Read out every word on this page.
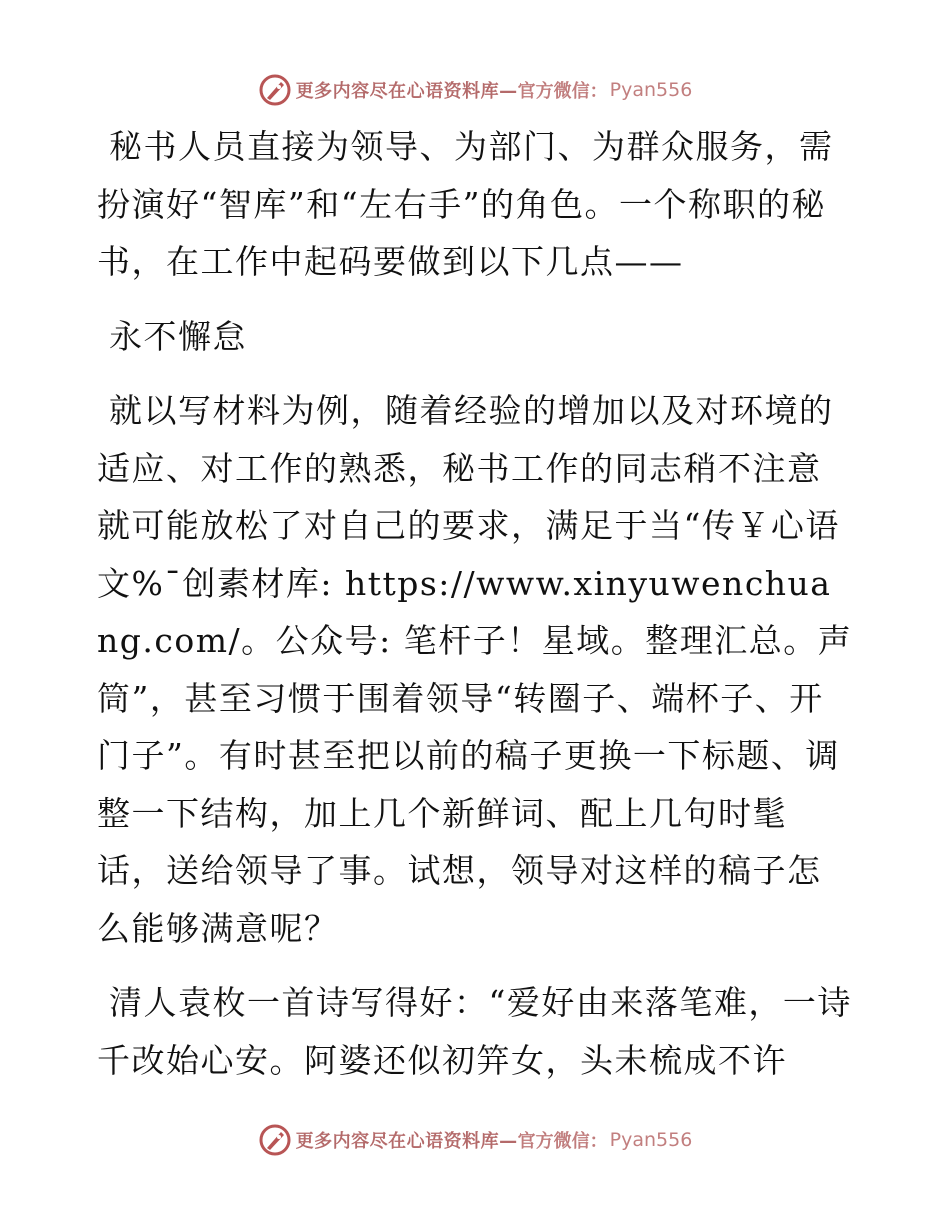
更多内容尽在心语资料库— 官方微信： Pyan556

秘书人员直接为领导、为部门、为群众服务，需扮演好“智库”和“左右手”的角色。一个称职的秘书，在工作中起码要做到以下几点——

永不懈怠

就以写材料为例，随着经验的增加以及对环境的适应、对工作的熟悉，秘书工作的同志稍不注意就可能放松了对自己的要求，满足于当“传￥心语文%¯创素材库: https://www.xinyuwenchuang.com/。公众号: 笔杆子！星域。整理汇总。声筒”，甚至习惯于围着领导“转圈子、端杯子、开门子”。有时甚至把以前的稿子更换一下标题、调整一下结构，加上几个新鲜词、配上几句时髦话，送给领导了事。试想，领导对这样的稿子怎么能够满意呢？

清人袁枚一首诗写得好：“爱好由来落笔难，一诗千改始心安。阿婆还似初笄女，头未梳成不许

更多内容尽在心语资料库— 官方微信： Pyan556
